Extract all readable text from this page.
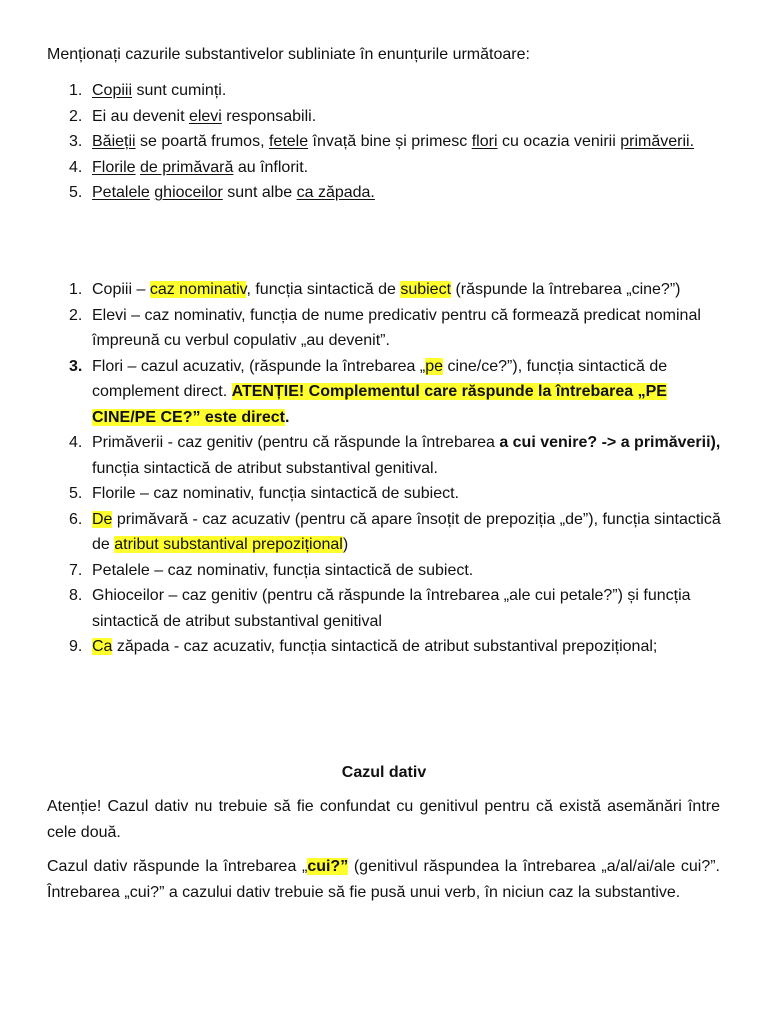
Menționați cazurile substantivelor subliniate în enunțurile următoare:

1. Copiii sunt cuminți.
2. Ei au devenit elevi responsabili.
3. Băieții se poartă frumos, fetele învață bine și primesc flori cu ocazia venirii primăverii.
4. Florile de primăvară au înflorit.
5. Petalele ghioceilor sunt albe ca zăpada.
1. Copiii – caz nominativ, funcția sintactică de subiect (răspunde la întrebarea „cine?”)
2. Elevi – caz nominativ, funcția de nume predicativ pentru că formează predicat nominal împreună cu verbul copulativ „au devenit”.
3. Flori – cazul acuzativ, (răspunde la întrebarea „pe cine/ce?”), funcția sintactică de complement direct. ATENȚIE! Complementul care răspunde la întrebarea „PE CINE/PE CE?” este direct.
4. Primăverii - caz genitiv (pentru că răspunde la întrebarea a cui venire? -> a primăverii), funcția sintactică de atribut substantival genitival.
5. Florile – caz nominativ, funcția sintactică de subiect.
6. De primăvară - caz acuzativ (pentru că apare însoțit de prepoziția „de”), funcția sintactică de atribut substantival prepozițional)
7. Petalele – caz nominativ, funcția sintactică de subiect.
8. Ghioceilor – caz genitiv (pentru că răspunde la întrebarea „ale cui petale?”) și funcția sintactică de atribut substantival genitival
9. Ca zăpada - caz acuzativ, funcția sintactică de atribut substantival prepozițional;
Cazul dativ

Atenție! Cazul dativ nu trebuie să fie confundat cu genitivul pentru că există asemănări între cele două.

Cazul dativ răspunde la întrebarea „cui?” (genitivul răspundea la întrebarea „a/al/ai/ale cui?”. Întrebarea „cui?” a cazului dativ trebuie să fie pusă unui verb, în niciun caz la substantive.
